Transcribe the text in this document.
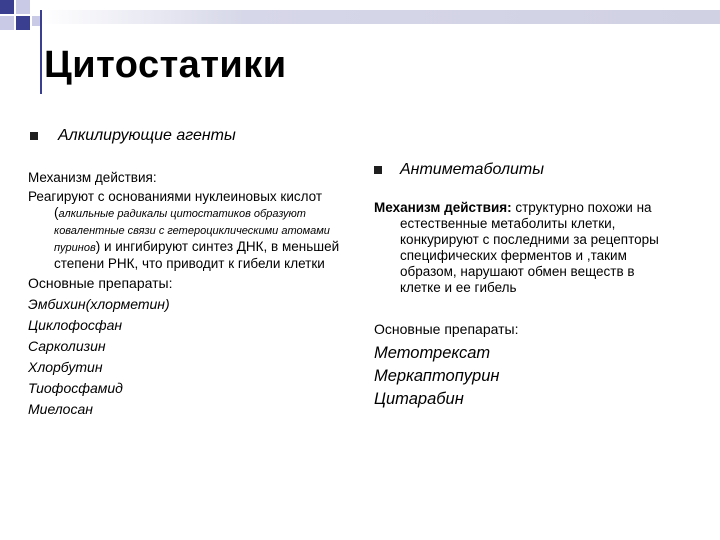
Цитостатики
Алкилирующие агенты

Механизм действия:

Реагируют с основаниями нуклеиновых кислот (алкильные радикалы цитостатиков образуют ковалентные связи с гетероциклическими атомами пуринов) и ингибируют синтез ДНК, в меньшей степени РНК, что приводит к гибели клетки

Основные препараты:

Эмбихин(хлорметин)
Циклофосфан
Сарколизин
Хлорбутин
Тиофосфамид
Миелосан
Антиметаболиты

Механизм действия: структурно похожи на естественные метаболиты клетки, конкурируют с последними за рецепторы специфических ферментов и ,таким образом, нарушают обмен веществ в клетке и ее гибель

Основные препараты:

Метотрексат
Меркаптопурин
Цитарабин
